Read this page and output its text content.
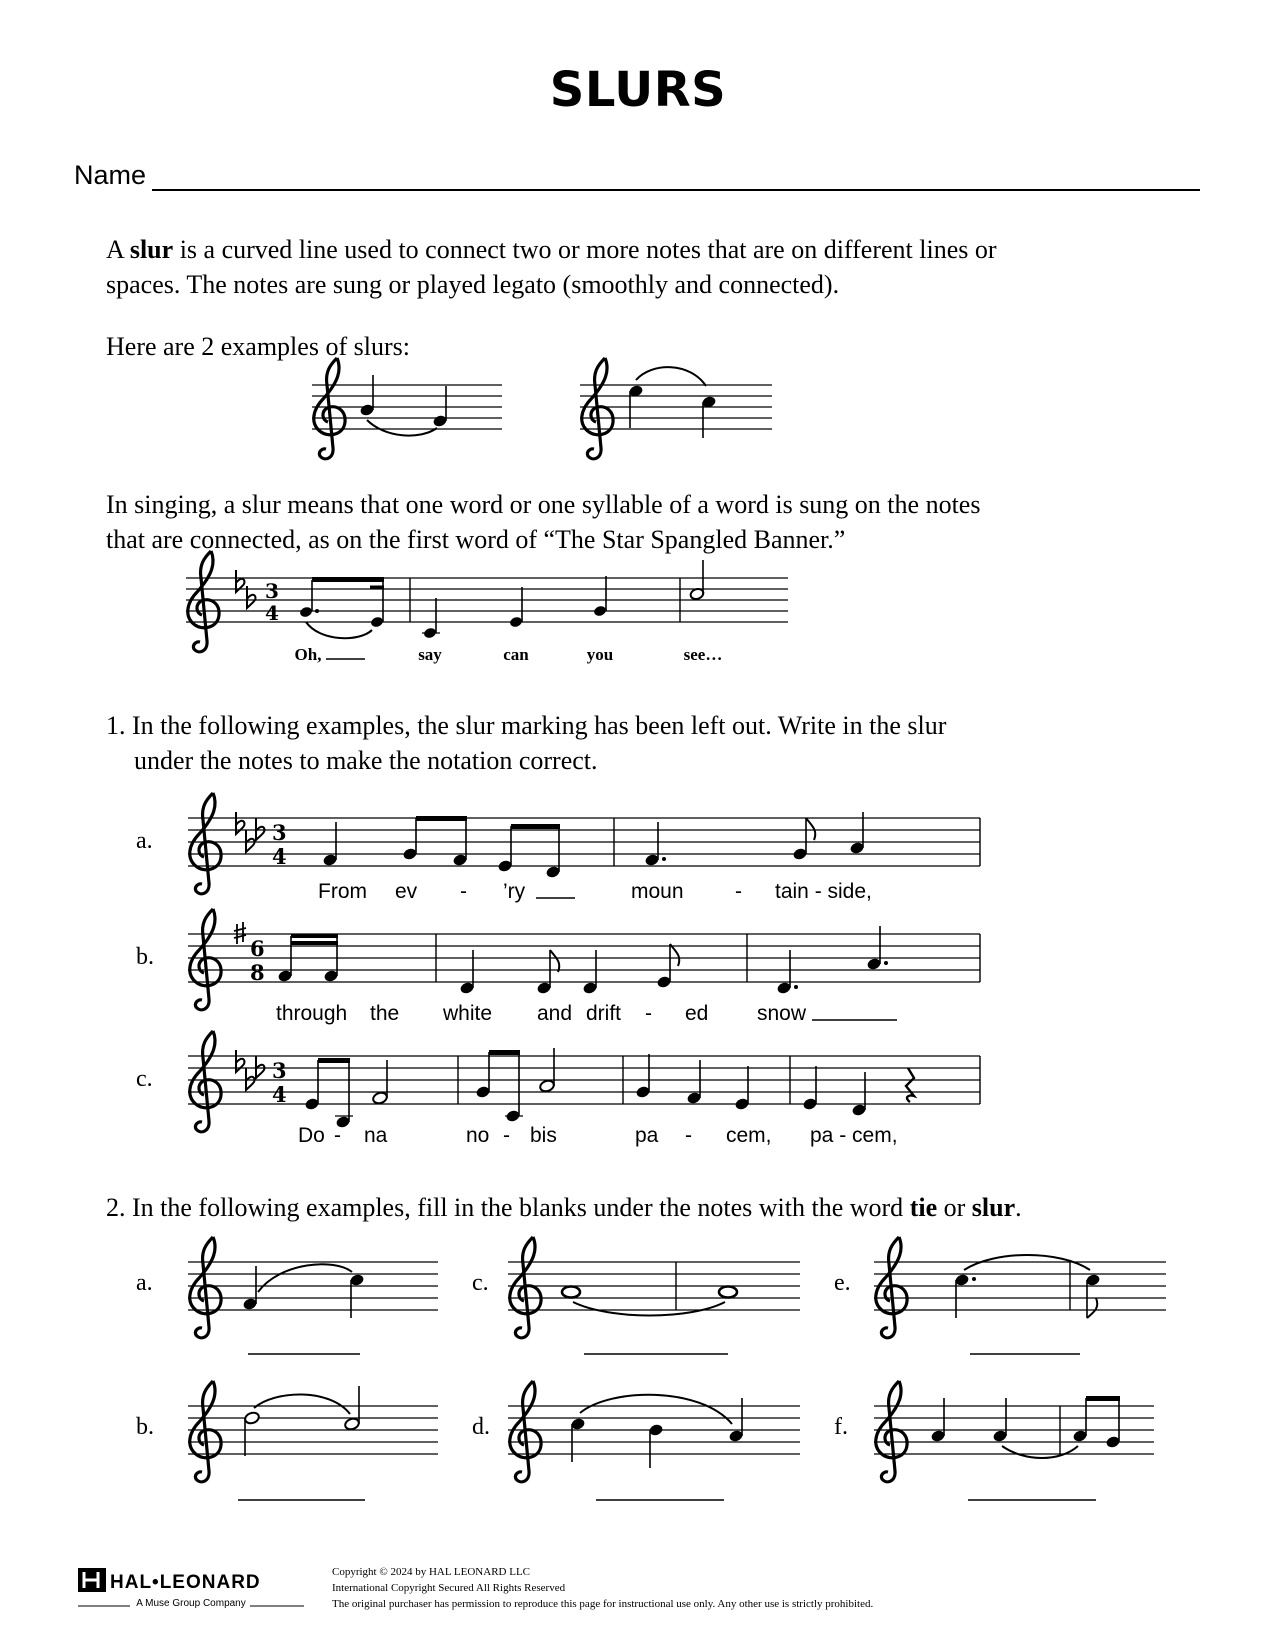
SLURS
Name
A slur is a curved line used to connect two or more notes that are on different lines or
spaces. The notes are sung or played legato (smoothly and connected).
Here are 2 examples of slurs:
In singing, a slur means that one word or one syllable of a word is sung on the notes
that are connected, as on the first word of “The Star Spangled Banner.”
1. In the following examples, the slur marking has been left out. Write in the slur
under the notes to make the notation correct.
2. In the following examples, fill in the blanks under the notes with the word tie or slur.
3
4
Oh,	say	can	you	see…
a.	3
4
From ev - ’ry	moun - tain - side,
b.	6
8
through the white and drift - ed snow
c.	3
4
Do - na	no - bis	pa - cem, pa - cem,
a.
b.
c.
d.
e.
f.
HAL•LEONARD
A Muse Group Company
Copyright © 2024 by HAL LEONARD LLC
International Copyright Secured All Rights Reserved
The original purchaser has permission to reproduce this page for instructional use only. Any other use is strictly prohibited.
